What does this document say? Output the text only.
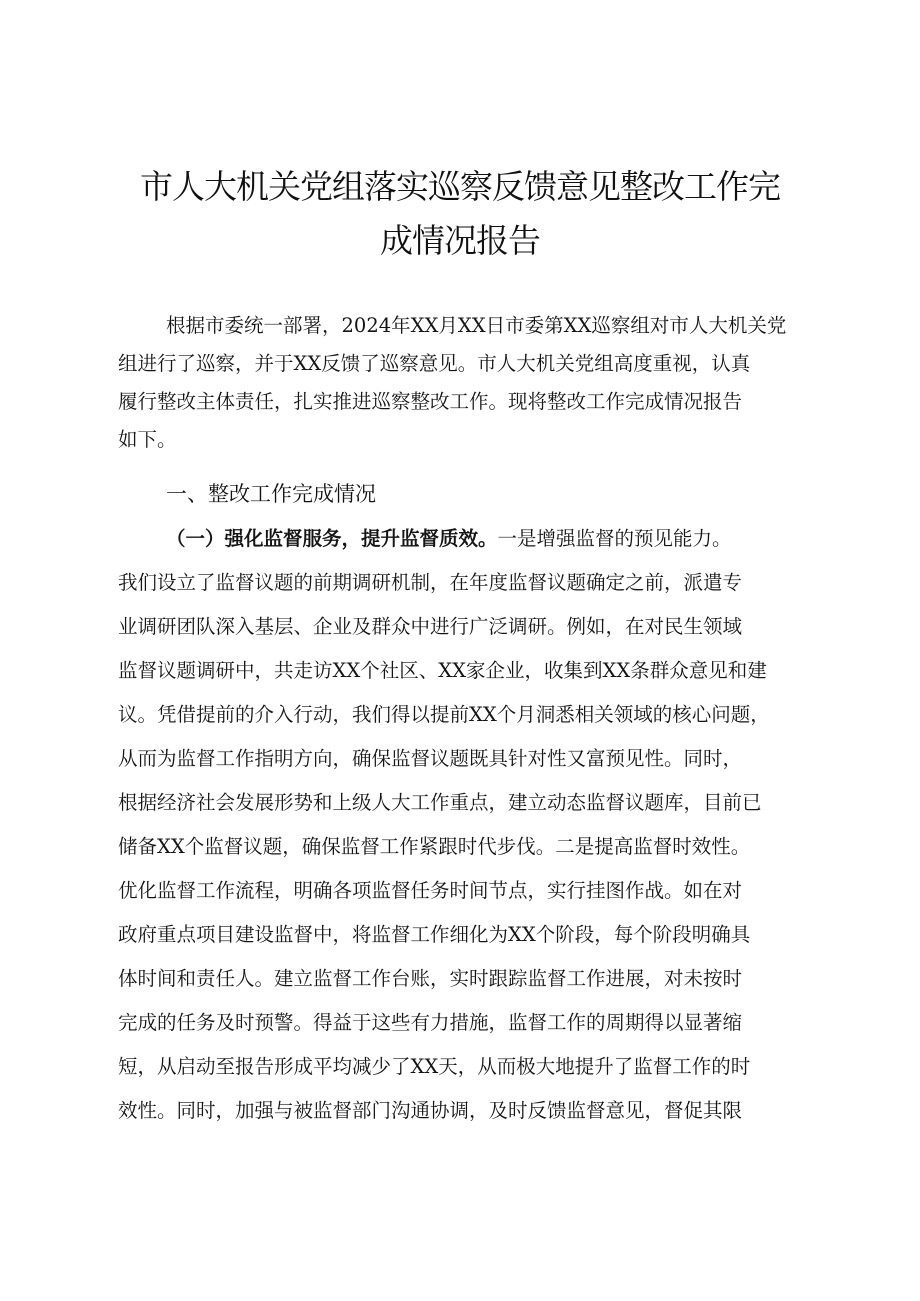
市人大机关党组落实巡察反馈意见整改工作完
成情况报告
根据市委统一部署，2024年XX月XX日市委第XX巡察组对市人大机关党
组进行了巡察，并于XX反馈了巡察意见。市人大机关党组高度重视，认真
履行整改主体责任，扎实推进巡察整改工作。现将整改工作完成情况报告
如下。
一、整改工作完成情况
（一）强化监督服务，提升监督质效。一是增强监督的预见能力。
我们设立了监督议题的前期调研机制，在年度监督议题确定之前，派遣专
业调研团队深入基层、企业及群众中进行广泛调研。例如，在对民生领域
监督议题调研中，共走访XX个社区、XX家企业，收集到XX条群众意见和建
议。凭借提前的介入行动，我们得以提前XX个月洞悉相关领域的核心问题，
从而为监督工作指明方向，确保监督议题既具针对性又富预见性。同时，
根据经济社会发展形势和上级人大工作重点，建立动态监督议题库，目前已
储备XX个监督议题，确保监督工作紧跟时代步伐。二是提高监督时效性。
优化监督工作流程，明确各项监督任务时间节点，实行挂图作战。如在对
政府重点项目建设监督中，将监督工作细化为XX个阶段，每个阶段明确具
体时间和责任人。建立监督工作台账，实时跟踪监督工作进展，对未按时
完成的任务及时预警。得益于这些有力措施，监督工作的周期得以显著缩
短，从启动至报告形成平均减少了XX天，从而极大地提升了监督工作的时
效性。同时，加强与被监督部门沟通协调，及时反馈监督意见，督促其限
